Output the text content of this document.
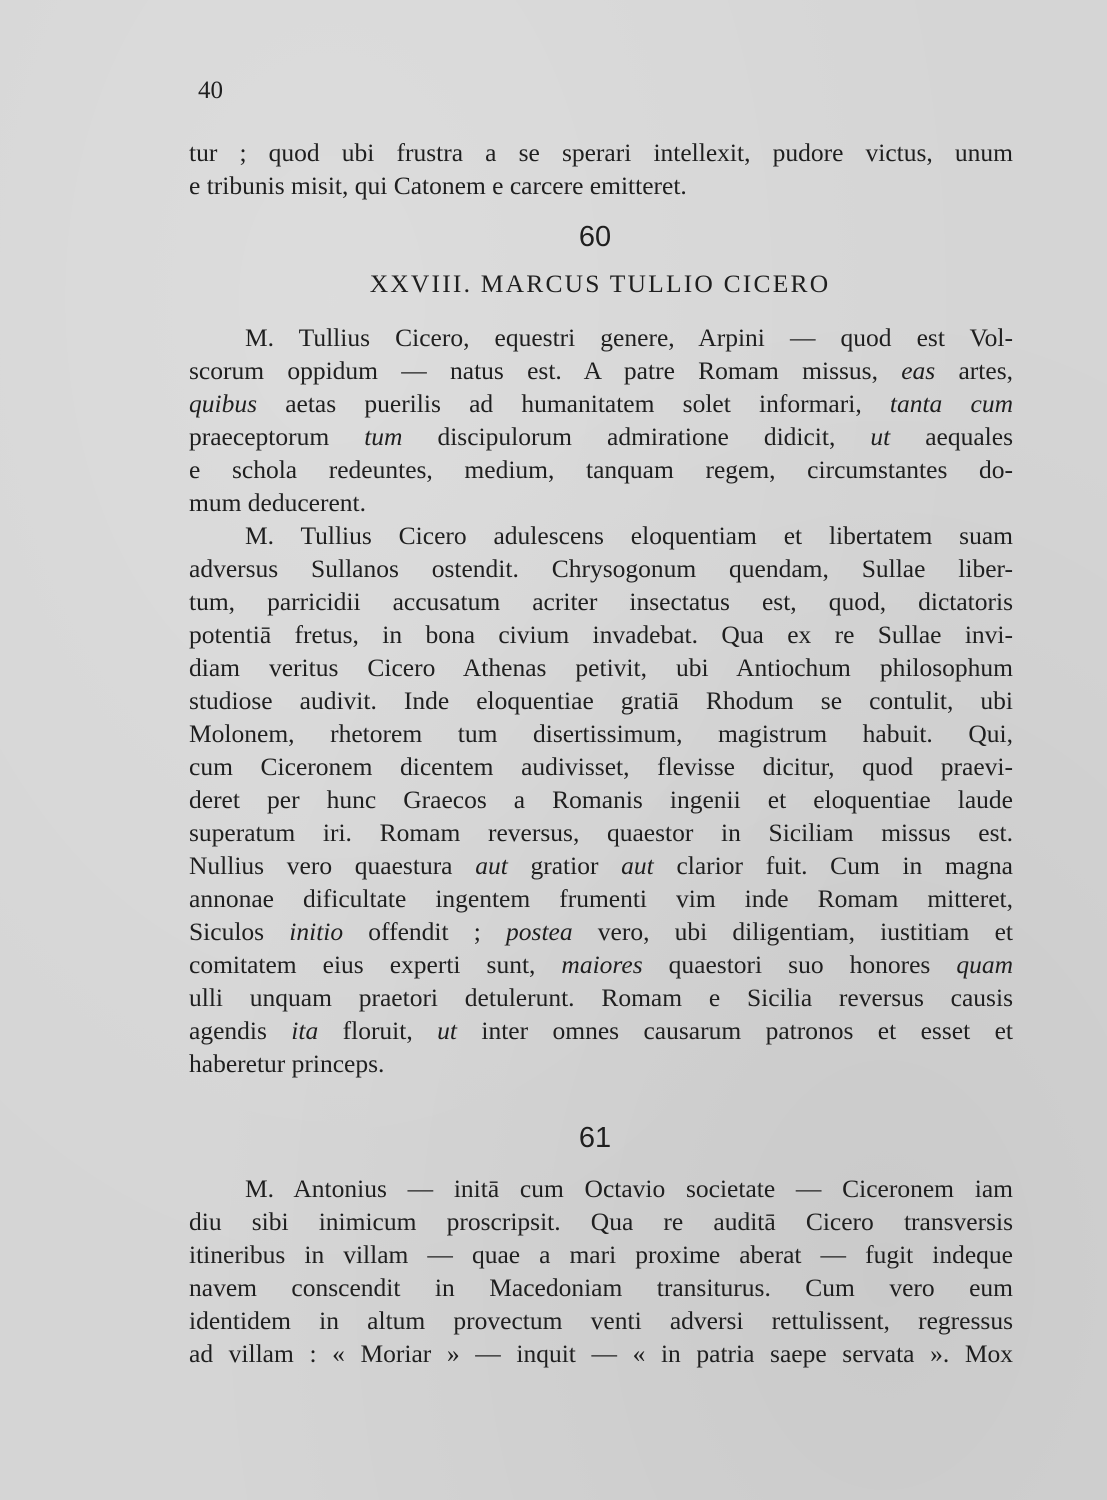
40
tur ; quod ubi frustra a se sperari intellexit, pudore victus, unum
e tribunis misit, qui Catonem e carcere emitteret.
60
XXVIII. MARCUS TULLIO CICERO
M. Tullius Cicero, equestri genere, Arpini — quod est Vol-
scorum oppidum — natus est. A patre Romam missus, eas artes,
quibus aetas puerilis ad humanitatem solet informari, tanta cum
praeceptorum tum discipulorum admiratione didicit, ut aequales
e schola redeuntes, medium, tanquam regem, circumstantes do-
mum deducerent.
M. Tullius Cicero adulescens eloquentiam et libertatem suam
adversus Sullanos ostendit. Chrysogonum quendam, Sullae liber-
tum, parricidii accusatum acriter insectatus est, quod, dictatoris
potentiā fretus, in bona civium invadebat. Qua ex re Sullae invi-
diam veritus Cicero Athenas petivit, ubi Antiochum philosophum
studiose audivit. Inde eloquentiae gratiā Rhodum se contulit, ubi
Molonem, rhetorem tum disertissimum, magistrum habuit. Qui,
cum Ciceronem dicentem audivisset, flevisse dicitur, quod praevi-
deret per hunc Graecos a Romanis ingenii et eloquentiae laude
superatum iri. Romam reversus, quaestor in Siciliam missus est.
Nullius vero quaestura aut gratior aut clarior fuit. Cum in magna
annonae dificultate ingentem frumenti vim inde Romam mitteret,
Siculos initio offendit ; postea vero, ubi diligentiam, iustitiam et
comitatem eius experti sunt, maiores quaestori suo honores quam
ulli unquam praetori detulerunt. Romam e Sicilia reversus causis
agendis ita floruit, ut inter omnes causarum patronos et esset et
haberetur princeps.
61
M. Antonius — initā cum Octavio societate — Ciceronem iam
diu sibi inimicum proscripsit. Qua re auditā Cicero transversis
itineribus in villam — quae a mari proxime aberat — fugit indeque
navem conscendit in Macedoniam transiturus. Cum vero eum
identidem in altum provectum venti adversi rettulissent, regressus
ad villam : « Moriar » — inquit — « in patria saepe servata ». Mox
